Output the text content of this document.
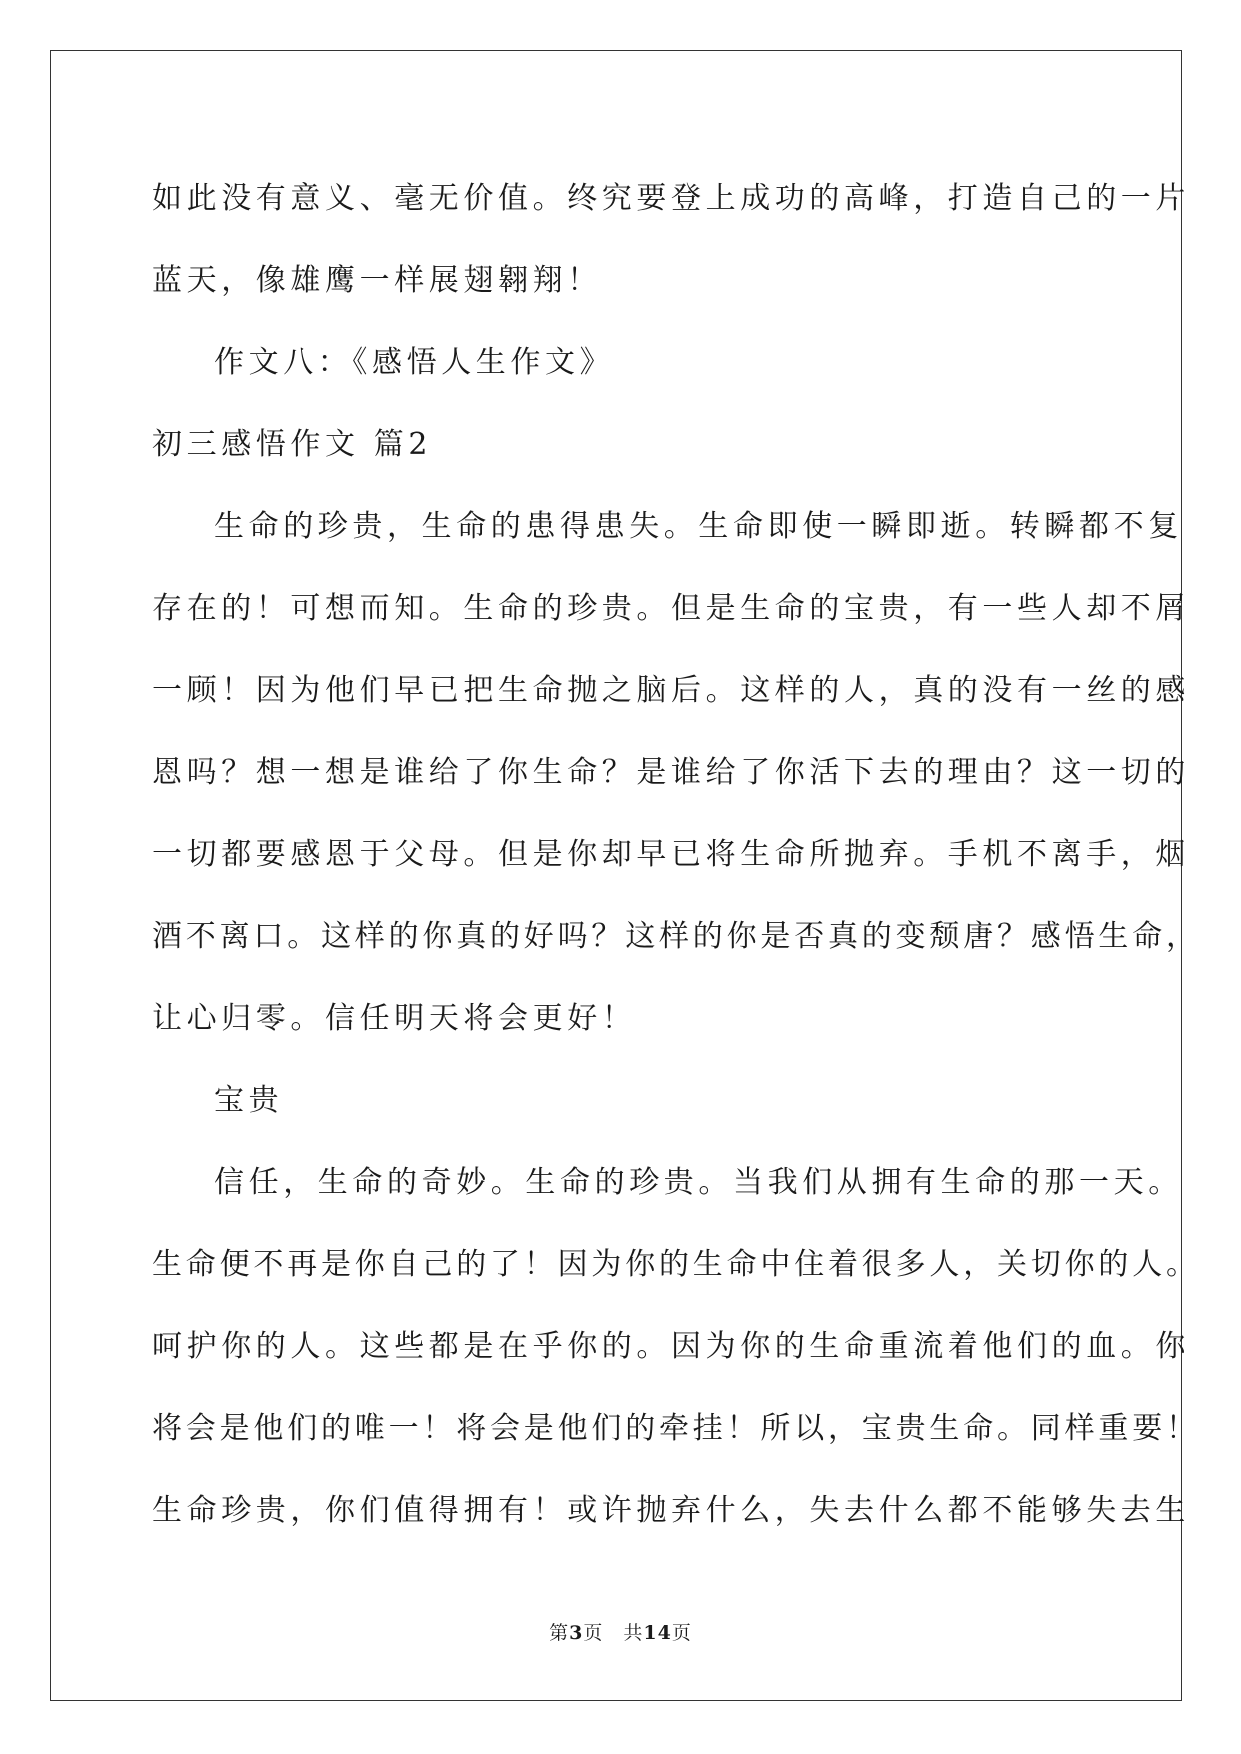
如此没有意义、毫无价值。终究要登上成功的高峰，打造自己的一片
蓝天，像雄鹰一样展翅翱翔！
作文八：《感悟人生作文》
初三感悟作文 篇2
生命的珍贵，生命的患得患失。生命即使一瞬即逝。转瞬都不复
存在的！可想而知。生命的珍贵。但是生命的宝贵，有一些人却不屑
一顾！因为他们早已把生命抛之脑后。这样的人，真的没有一丝的感
恩吗？想一想是谁给了你生命？是谁给了你活下去的理由？这一切的
一切都要感恩于父母。但是你却早已将生命所抛弃。手机不离手，烟
酒不离口。这样的你真的好吗？这样的你是否真的变颓唐？感悟生命，
让心归零。信任明天将会更好！
宝贵
信任，生命的奇妙。生命的珍贵。当我们从拥有生命的那一天。
生命便不再是你自己的了！因为你的生命中住着很多人，关切你的人。
呵护你的人。这些都是在乎你的。因为你的生命重流着他们的血。你
将会是他们的唯一！将会是他们的牵挂！所以，宝贵生命。同样重要！
生命珍贵，你们值得拥有！或许抛弃什么，失去什么都不能够失去生
第3页　共14页
